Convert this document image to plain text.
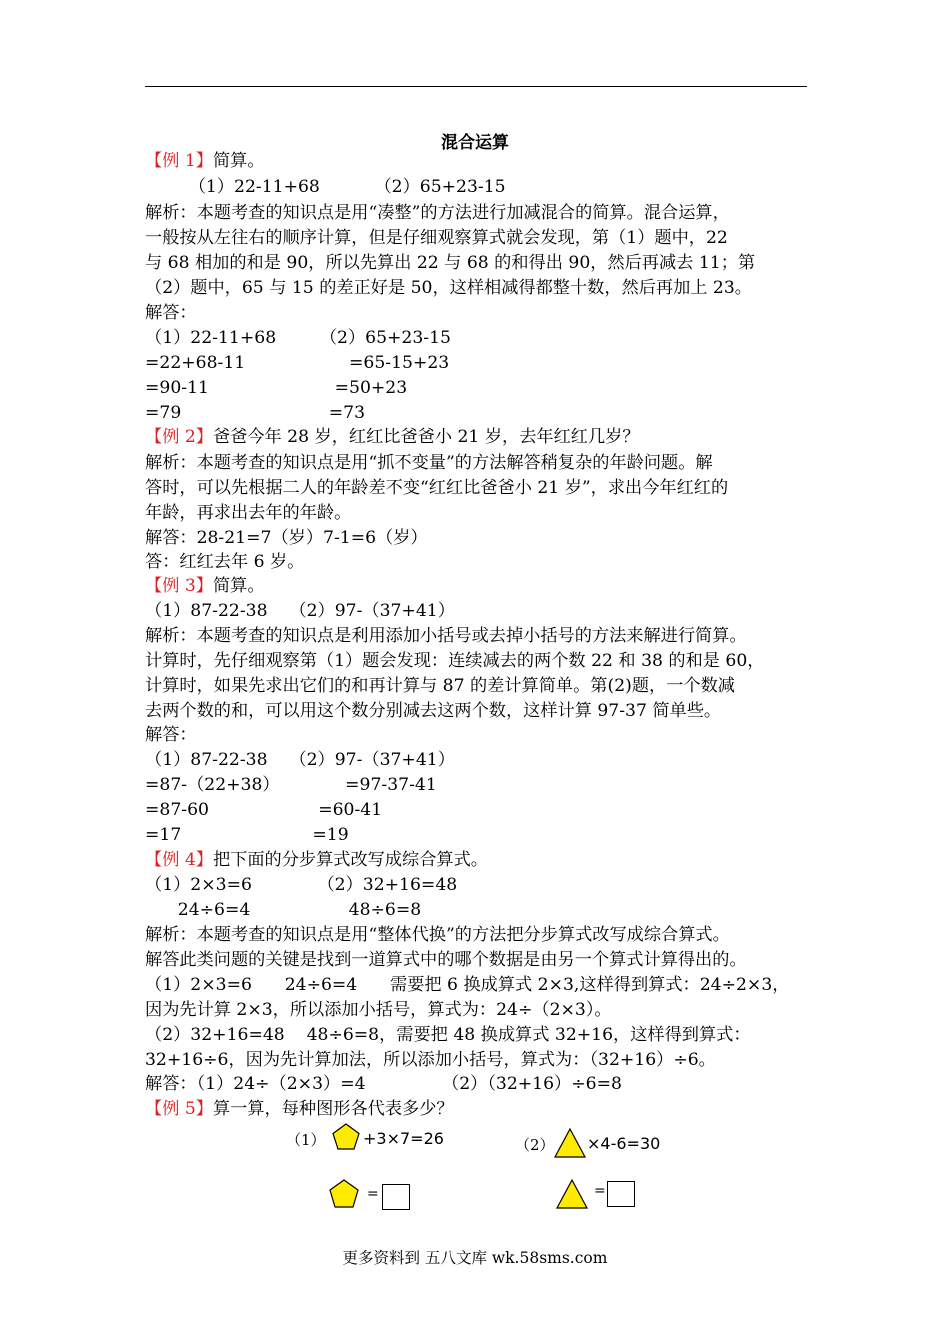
混合运算
【例 1】简算。
（1）22-11+68          （2）65+23-15
解析：本题考查的知识点是用“凑整”的方法进行加减混合的简算。混合运算，
一般按从左往右的顺序计算，但是仔细观察算式就会发现，第（1）题中，22
与 68 相加的和是 90，所以先算出 22 与 68 的和得出 90，然后再减去 11；第
（2）题中，65 与 15 的差正好是 50，这样相减得都整十数，然后再加上 23。
解答：
（1）22-11+68        （2）65+23-15
=22+68-11                   =65-15+23
=90-11                       =50+23
=79                           =73
【例 2】爸爸今年 28 岁，红红比爸爸小 21 岁，去年红红几岁？
解析：本题考查的知识点是用“抓不变量”的方法解答稍复杂的年龄问题。解
答时，可以先根据二人的年龄差不变“红红比爸爸小 21 岁”，求出今年红红的
年龄，再求出去年的年龄。
解答：28-21=7（岁）7-1=6（岁）
答：红红去年 6 岁。
【例 3】简算。
（1）87-22-38    （2）97-（37+41）
解析：本题考查的知识点是利用添加小括号或去掉小括号的方法来解进行简算。
计算时，先仔细观察第（1）题会发现：连续减去的两个数 22 和 38 的和是 60，
计算时，如果先求出它们的和再计算与 87 的差计算简单。第(2)题，一个数减
去两个数的和，可以用这个数分别减去这两个数，这样计算 97-37 简单些。
解答：
（1）87-22-38    （2）97-（37+41）
=87-（22+38）            =97-37-41
=87-60                    =60-41
=17                        =19
【例 4】把下面的分步算式改写成综合算式。
（1）2×3=6            （2）32+16=48
24÷6=4                  48÷6=8
解析：本题考查的知识点是用“整体代换”的方法把分步算式改写成综合算式。
解答此类问题的关键是找到一道算式中的哪个数据是由另一个算式计算得出的。
（1）2×3=6      24÷6=4      需要把 6 换成算式 2×3,这样得到算式：24÷2×3，
因为先计算 2×3，所以添加小括号，算式为：24÷（2×3）。
（2）32+16=48    48÷6=8，需要把 48 换成算式 32+16，这样得到算式：
32+16÷6，因为先计算加法，所以添加小括号，算式为：（32+16）÷6。
解答：（1）24÷（2×3）=4              （2）（32+16）÷6=8
【例 5】算一算，每种图形各代表多少？
（1） +3×7=26	（2） ×4-6=30
=	=
更多资料到 五八文库 wk.58sms.com
